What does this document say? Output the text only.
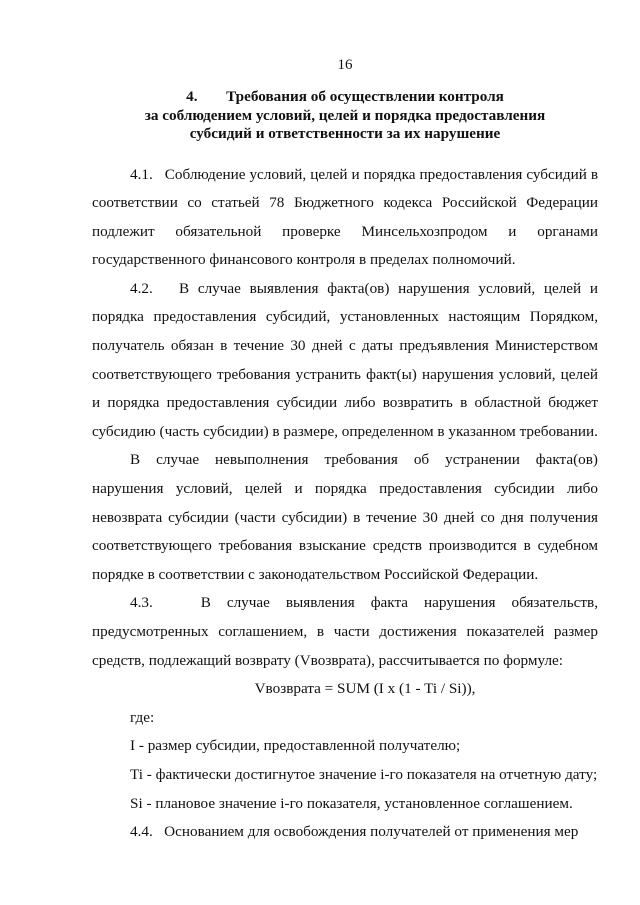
16
4. Требования об осуществлении контроля
за соблюдением условий, целей и порядка предоставления
субсидий и ответственности за их нарушение

4.1. Соблюдение условий, целей и порядка предоставления субсидий в соответствии со статьей 78 Бюджетного кодекса Российской Федерации подлежит обязательной проверке Минсельхозпродом и органами государственного финансового контроля в пределах полномочий.

4.2. В случае выявления факта(ов) нарушения условий, целей и порядка предоставления субсидий, установленных настоящим Порядком, получатель обязан в течение 30 дней с даты предъявления Министерством соответствующего требования устранить факт(ы) нарушения условий, целей и порядка предоставления субсидии либо возвратить в областной бюджет субсидию (часть субсидии) в размере, определенном в указанном требовании.

В случае невыполнения требования об устранении факта(ов) нарушения условий, целей и порядка предоставления субсидии либо невозврата субсидии (части субсидии) в течение 30 дней со дня получения соответствующего требования взыскание средств производится в судебном порядке в соответствии с законодательством Российской Федерации.

4.3.	В случае выявления факта нарушения обязательств, предусмотренных соглашением, в части достижения показателей размер средств, подлежащий возврату (Vвозврата), рассчитывается по формуле:

Vвозврата = SUM (I x (1 - Ti / Si)),

где:

I - размер субсидии, предоставленной получателю;

Ti - фактически достигнутое значение i-го показателя на отчетную дату;

Si - плановое значение i-го показателя, установленное соглашением.

4.4. Основанием для освобождения получателей от применения мер
